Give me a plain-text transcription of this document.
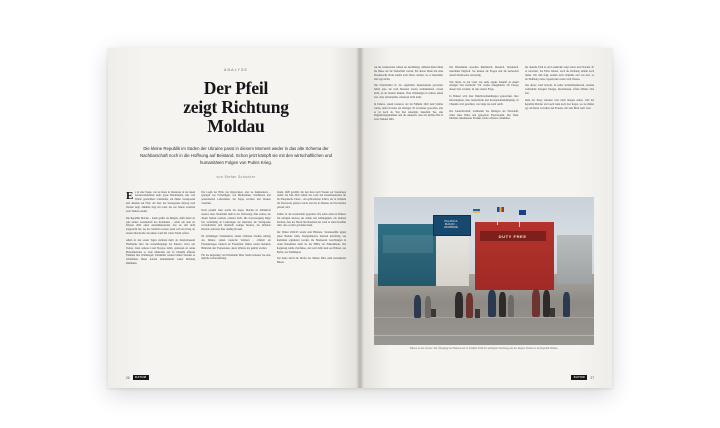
ANALYSE
Der Pfeil
zeigt Richtung
Moldau
Die kleine Republik im Süden der Ukraine passt in diesem Moment weder in das alte Schema der Nachbarschaft noch in die Hoffnung auf Beistand. Schon jetzt kämpft sie mit den wirtschaftlichen und humanitären Folgen von Putins Krieg.
von Stefan Schocher

Es ist eine Szene, wie sie heute in Osteuropa in der neuen Lebenswirklichkeit steht: graue Betonbauten, eine vom Winter gezeichnete Landstraße, ein müder Grenzposten und daneben ein Pfeil, der über die Staatsgrenze hinweg nach Norden zeigt. Dahinter liegt ein Land, das seit Jahren zwischen zwei Welten pendelt.

Die Republik Moldau – kaum größer als Belgien, dafür ärmer als jede andere Gesellschaft des Kontinents – erlebt seit dem 24. Februar 2022 einen Ausnahmezustand, den sie sich nicht ausgesucht hat. An der östlichen Grenze spielt sich ein Krieg ab, dessen Druckwelle das kleine Land mit voller Wucht erfasst.

Allein in den ersten Tagen strömten mehr als hunderttausend Flüchtende über die Grenzübergänge bei Palanca, Otaci und Tudora. Kein anderes Land Europas nahm, gemessen an seiner Einwohnerzahl, so viele Menschen auf. In Chișinău öffneten Familien ihre Wohnungen, Turnhallen wurden binnen Stunden zu Schlafsälen, Busse karrten Ankommende weiter Richtung Rumänien.

Die Logik der Hilfe war improvisiert, aber sie funktionierte – getragen von Freiwilligen, von Bäckerinnen, Taxifahrern und pensionierten Lehrerinnen, die Suppe kochten und Decken verteilten.

Doch parallel dazu wuchs die Angst. Moldau ist militärisch neutral, diese Neutralität steht in der Verfassung. Eine Armee, die diesen Namen verdient, existiert nicht. Die Gasversorgung hängt fast vollständig an Lieferungen aus Russland, die Strompreise vervielfachten sich innerhalb weniger Monate, die Inflation kletterte zeitweise über dreißig Prozent.

Im abtrünnigen Transnistrien, einem schmalen Streifen entlang des Dnister, stehen russische Soldaten – offiziell als Friedenstruppe, faktisch als Faustpfand. Immer wieder meldeten Behörden dort Explosionen, deren Urheber nie geklärt wurden.

Für die Regierung von Präsidentin Maia Sandu bedeutet das eine tägliche Gratwanderung.

Sandu, 2020 gewählt, hat den Kurs nach Westen zur Staatsräson erklärt. Im Juni 2022 erhielt das Land den Kandidatenstatus für die Europäische Union – ein symbolischer Schritt, der in Chișinău mit Feuerwerk gefeiert wurde und der in Moskau als Provokation gelesen wird.

Seither ist die Gesellschaft gespalten: Die einen sehen in Brüssel den einzigen Ausweg aus Armut und Abhängigkeit, die anderen fürchten, dass der Bruch mit Russland das Land in einen Konflikt zieht, den es nicht gewinnen kann.

Der Winter 2022/23 wurde zum Härtetest. Stromausfälle legten ganze Bezirke lahm, Energieimporte mussten kurzfristig aus Rumänien organisiert werden, die Heizkosten verschlangen in vielen Haushalten mehr als die Hälfte des Einkommens. Die Regierung zahlte Zuschüsse, das Geld dafür kam aus Brüssel, aus Berlin, aus Washington.

Wer heute durch die Dörfer des Südens fährt, sieht leerstehende Häuser.

26	DATUM

An die Grenzstation wirken sie unschlüssig, während hinter ihnen die Busse auf die Weiterfahrt warten. Ein älterer Mann mit einer Plastiktasche blickt zurück nach Osten, dorthin, wo er herkommt, und sagt nichts.

Die Unsicherheit ist der eigentliche Dauerzustand geworden. Selbst jene, die nach Monaten wieder zurückkehrten, wissen nicht, ob sie bleiben können. Viele Wohnungen in Odessa stehen leer, viele Arbeitsplätze existieren nicht mehr.

In Palanca, jenem Grenzort, der im Frühjahr 2022 zum Symbol wurde, steht bis heute ein Zeltlager. Es ist kleiner geworden, aber es ist noch da. Wer hier ankommt, bekommt Tee, eine Registrierungsnummer und die Auskunft, dass der nächste Bus in zwei Stunden fährt.

Die Helferinnen sprechen Rumänisch, Russisch, Ukrainisch, manchmal Englisch. Sie kennen die Fragen und die Antworten darauf mittlerweile auswendig.

Was bleibt, ist ein Land, das seine eigene Zukunft an einem einzigen Satz festmacht: Wir wollen dazugehören. Ob Europa diesen Satz erwidert, ist eine andere Frage.

In Brüssel wird über Beitrittsverhandlungen gesprochen, über Reformpakete, über Justizreform und Korruptionsbekämpfung. In Chișinău wird gerechnet, wie lange das Geld reicht.

Die Landwirtschaft, traditionell das Rückgrat der Wirtschaft, leidet unter Dürre und gesperrten Exportrouten. Der Wein, Moldaus bekanntestes Produkt, findet schwerer Abnehmer.

Der aktuelle Pfeil an der Landstraße zeigt weiter nach Norden. Er ist verwittert, die Farbe blättert, doch die Richtung stimmt noch immer. Wer ihm folgt, kommt nach Chișinău, und von dort, so die Hoffnung vieler, irgendwann weiter nach Westen.

Was dieses Land braucht, ist keine Solidaritätsrhetorik, sondern verlässliche Zusagen: Energie, Investitionen, offene Märkte. Und Zeit.

Denn der Krieg nebenan wird nicht morgen enden. Und die Republik Moldau wird auch dann noch dort liegen, wo sie immer lag: am Rand, zwischen den Fronten, mit dem Blick nach vorn.

PALANCA
MAIAKI -
UDOBNOE
DUTY FREE
Warten an der Grenze: Der Übergang bei Palanca war im Frühjahr 2022 der wichtigste Fluchtweg aus der Region Odessa in die Republik Moldau.
DATUM	27
